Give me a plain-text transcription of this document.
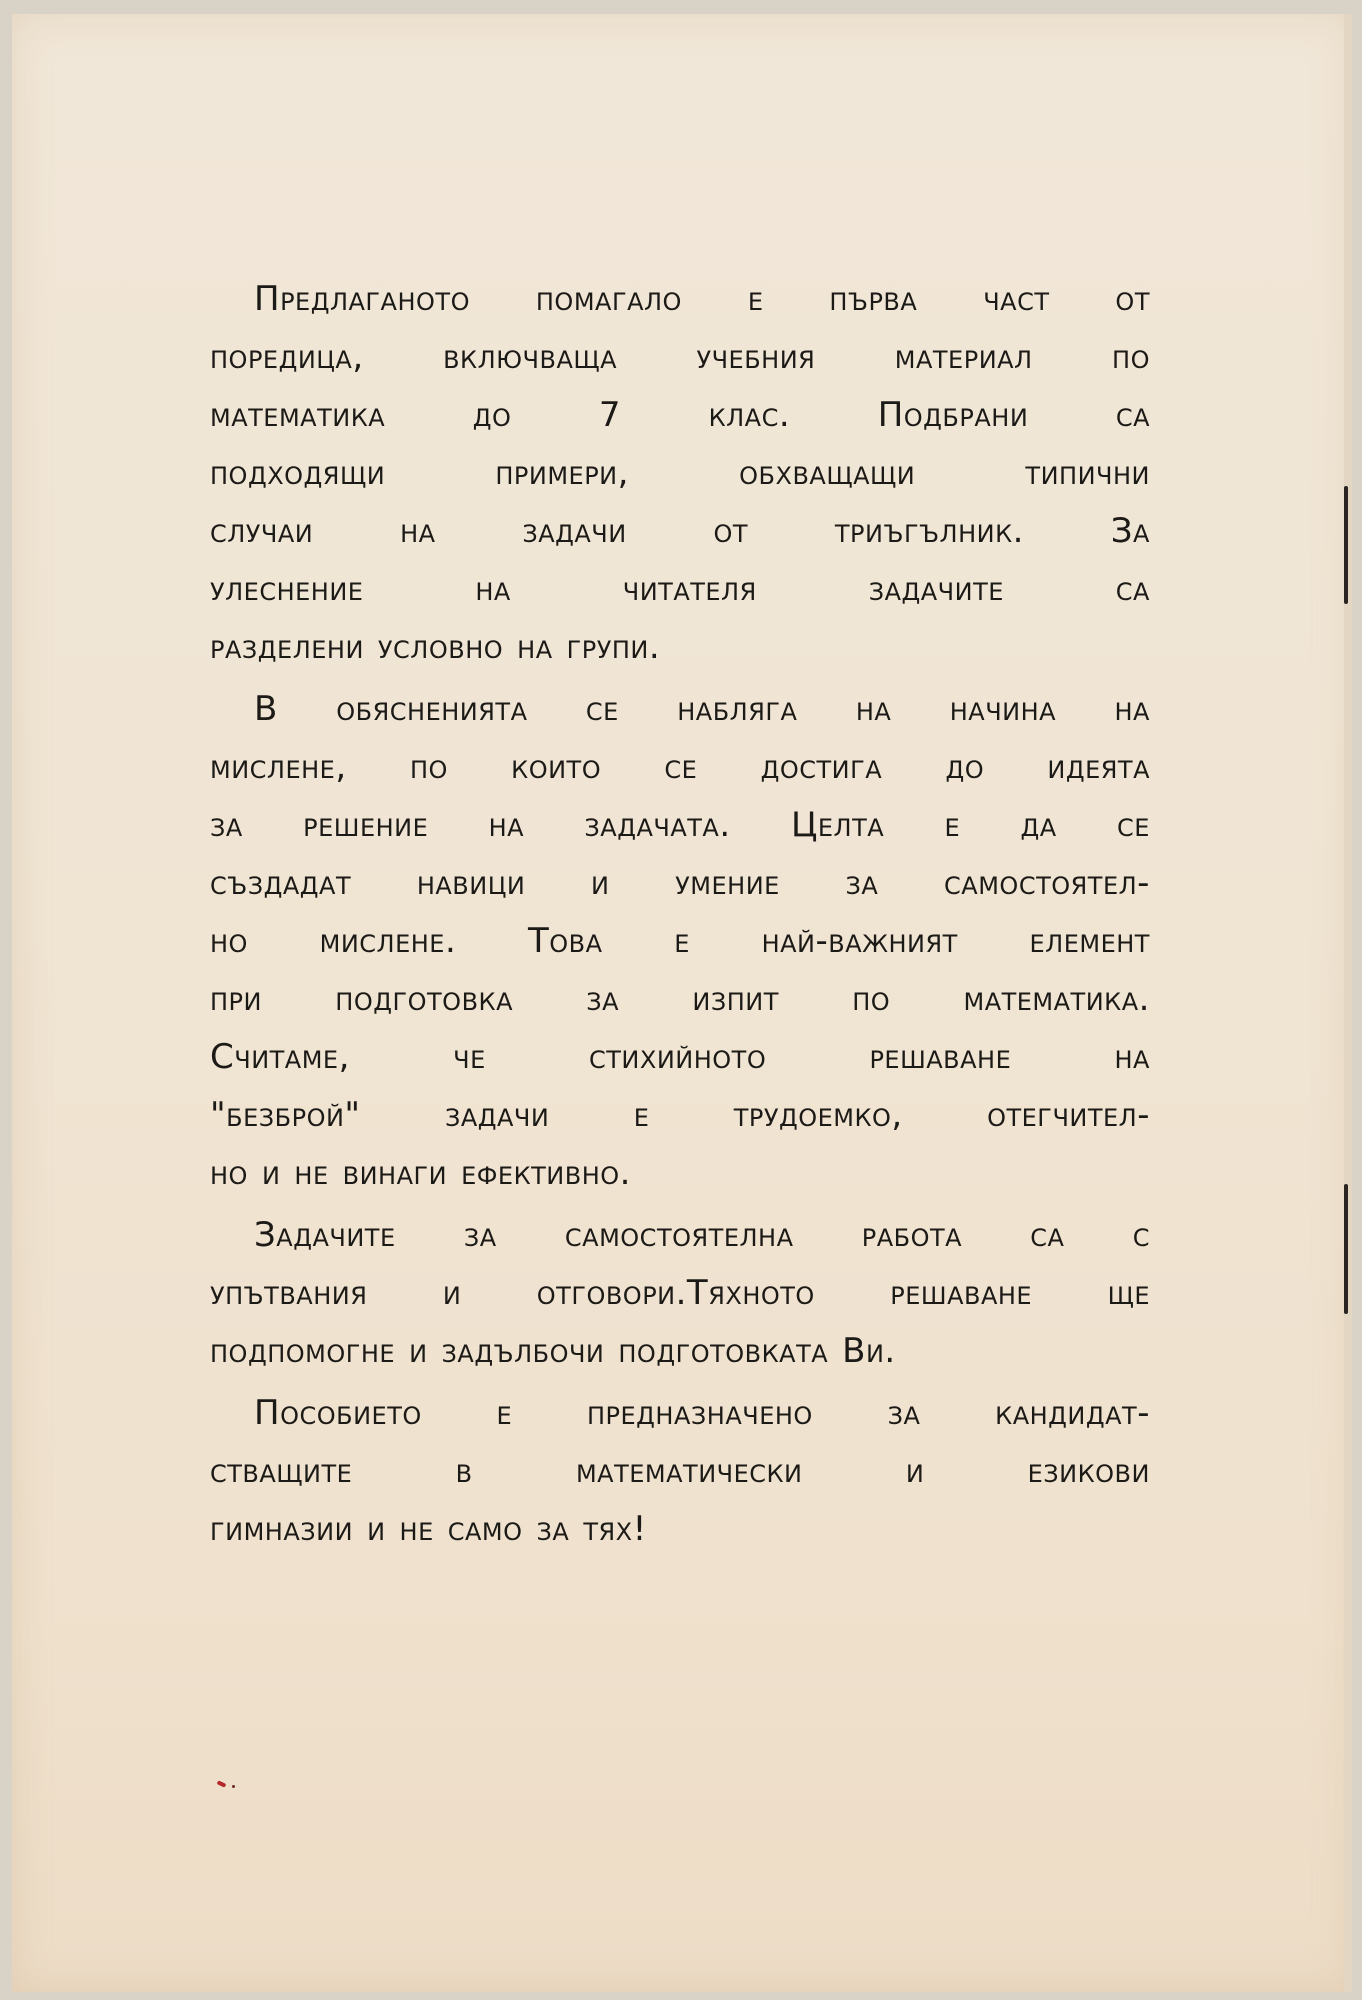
Предлаганото помагало е първа част от
поредица, включваща учебния материал по
математика	до	7	клас.	Подбрани	са
подходящи	примери,	обхващащи	типични
случаи	на	задачи	от	триъгълник.	За
улеснение	на	читателя	задачите	са
разделени условно на групи.
В обясненията се набляга на начина на
мислене, по които се достига до идеята
за решение на задачата. Целта е да се
създадат навици и умение за самостоятел-
но мислене. Това е най-важният елемент
при подготовка за изпит по математика.
Считаме,	че	стихийното	решаване	на
"безброй" задачи е трудоемко, отегчител-
но и не винаги ефективно.
Задачите за самостоятелна работа са с
упътвания и отговори.Тяхното решаване ще
подпомогне и задълбочи подготовката Ви.
Пособието е предназначено за кандидат-
стващите	в	математически	и	езикови
гимназии и не само за тях!
